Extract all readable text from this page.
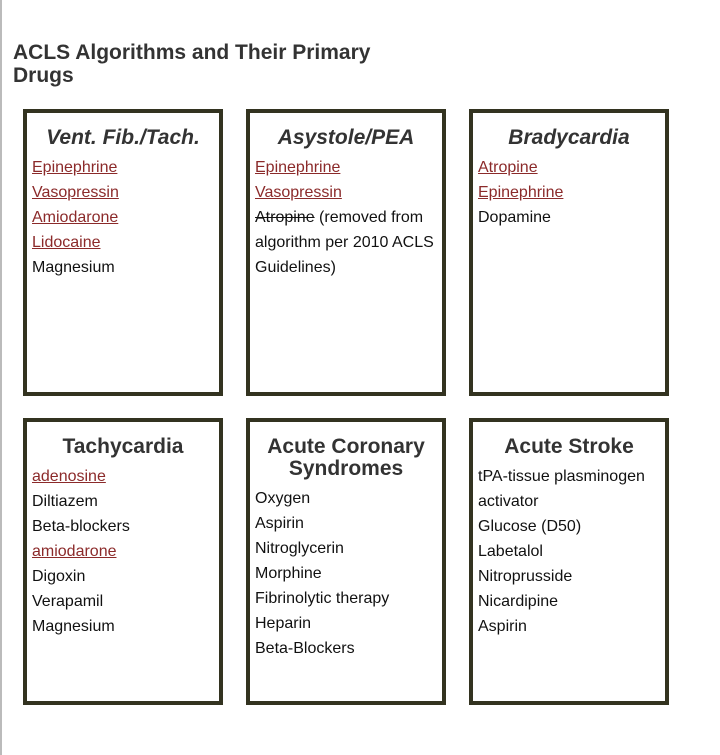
ACLS Algorithms and Their Primary Drugs
Vent. Fib./Tach.
Epinephrine
Vasopressin
Amiodarone
Lidocaine
Magnesium
Asystole/PEA
Epinephrine
Vasopressin
Atropine (removed from algorithm per 2010 ACLS Guidelines)
Bradycardia
Atropine
Epinephrine
Dopamine
Tachycardia
adenosine
Diltiazem
Beta-blockers
amiodarone
Digoxin
Verapamil
Magnesium
Acute Coronary Syndromes
Oxygen
Aspirin
Nitroglycerin
Morphine
Fibrinolytic therapy
Heparin
Beta-Blockers
Acute Stroke
tPA-tissue plasminogen activator
Glucose (D50)
Labetalol
Nitroprusside
Nicardipine
Aspirin
